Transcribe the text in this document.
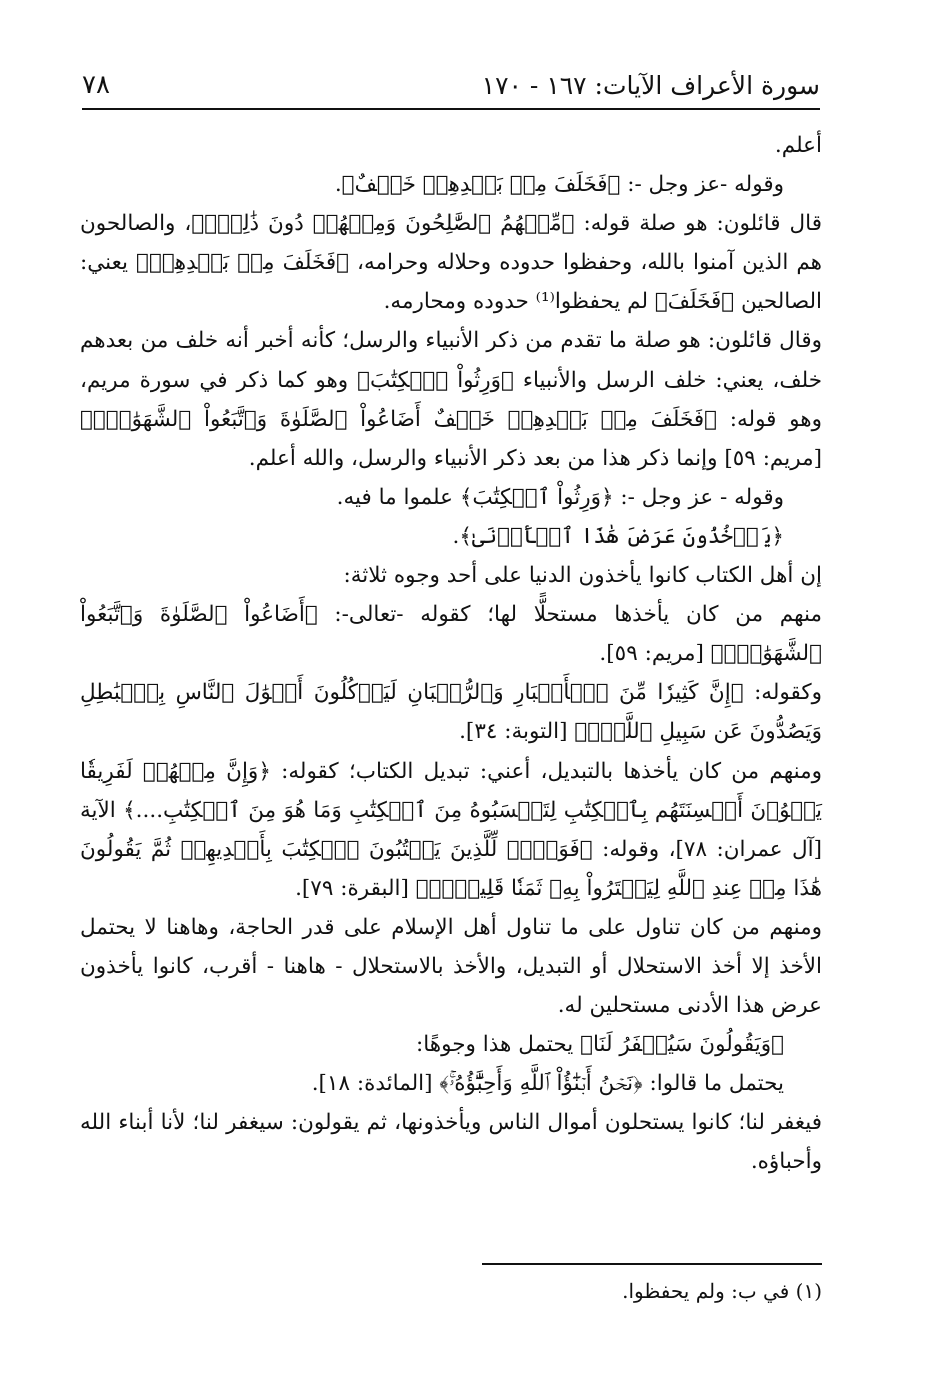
سورة الأعراف الآيات: ١٦٧ - ١٧٠
٧٨

أعلم.

وقوله -عز وجل -: ﴿فَخَلَفَ مِنۢ بَعۡدِهِمۡ خَلۡفٌ﴾.

قال قائلون: هو صلة قوله: ﴿مِّنۡهُمُ ٱلصَّٰلِحُونَ وَمِنۡهُمۡ دُونَ ذَٰلِكَۖ﴾، والصالحون هم الذين آمنوا بالله، وحفظوا حدوده وحلاله وحرامه، ﴿فَخَلَفَ مِنۢ بَعۡدِهِمۡ﴾ يعني: الصالحين ﴿فَخَلَفَ﴾ لم يحفظوا⁽¹⁾ حدوده ومحارمه.

وقال قائلون: هو صلة ما تقدم من ذكر الأنبياء والرسل؛ كأنه أخبر أنه خلف من بعدهم خلف، يعني: خلف الرسل والأنبياء ﴿وَرِثُواْ ٱلۡكِتَٰبَ﴾ وهو كما ذكر في سورة مريم، وهو قوله: ﴿فَخَلَفَ مِنۢ بَعۡدِهِمۡ خَلۡفٌ أَضَاعُواْ ٱلصَّلَوٰةَ وَٱتَّبَعُواْ ٱلشَّهَوَٰتِۖ﴾ [مريم: ٥٩] وإنما ذكر هذا من بعد ذكر الأنبياء والرسل، والله أعلم.

وقوله - عز وجل -: ﴿وَرِثُواْ ٱلۡكِتَٰبَ﴾ علموا ما فيه.

﴿يَأۡخُذُونَ عَرَضَ هَٰذَا ٱلۡأَدۡنَىٰ﴾.

إن أهل الكتاب كانوا يأخذون الدنيا على أحد وجوه ثلاثة:

منهم من كان يأخذها مستحلًّا لها؛ كقوله -تعالى-: ﴿أَضَاعُواْ ٱلصَّلَوٰةَ وَٱتَّبَعُواْ ٱلشَّهَوَٰتِۖ﴾ [مريم: ٥٩].

وكقوله: ﴿إِنَّ كَثِيرٗا مِّنَ ٱلۡأَحۡبَارِ وَٱلرُّهۡبَانِ لَيَأۡكُلُونَ أَمۡوَٰلَ ٱلنَّاسِ بِٱلۡبَٰطِلِ وَيَصُدُّونَ عَن سَبِيلِ ٱللَّهِۗ﴾ [التوبة: ٣٤].

ومنهم من كان يأخذها بالتبديل، أعني: تبديل الكتاب؛ كقوله: ﴿وَإِنَّ مِنۡهُمۡ لَفَرِيقٗا يَلۡوُۥنَ أَلۡسِنَتَهُم بِٱلۡكِتَٰبِ لِتَحۡسَبُوهُ مِنَ ٱلۡكِتَٰبِ وَمَا هُوَ مِنَ ٱلۡكِتَٰبِ....﴾ الآية [آل عمران: ٧٨]، وقوله: ﴿فَوَيۡلٞ لِّلَّذِينَ يَكۡتُبُونَ ٱلۡكِتَٰبَ بِأَيۡدِيهِمۡ ثُمَّ يَقُولُونَ هَٰذَا مِنۡ عِندِ ٱللَّهِ لِيَشۡتَرُواْ بِهِۦ ثَمَنٗا قَلِيلٗاۖ﴾ [البقرة: ٧٩].

ومنهم من كان تناول على ما تناول أهل الإسلام على قدر الحاجة، وهاهنا لا يحتمل الأخذ إلا أخذ الاستحلال أو التبديل، والأخذ بالاستحلال - هاهنا - أقرب، كانوا يأخذون عرض هذا الأدنى مستحلين له.

﴿وَيَقُولُونَ سَيُغۡفَرُ لَنَا﴾ يحتمل هذا وجوهًا:

يحتمل ما قالوا: ﴿نَحۡنُ أَبۡنَٰٓؤُاْ ٱللَّهِ وَأَحِبَّٰٓؤُهُۥۚ﴾ [المائدة: ١٨].

فيغفر لنا؛ كانوا يستحلون أموال الناس ويأخذونها، ثم يقولون: سيغفر لنا؛ لأنا أبناء الله وأحباؤه.

(١) في ب: ولم يحفظوا.
